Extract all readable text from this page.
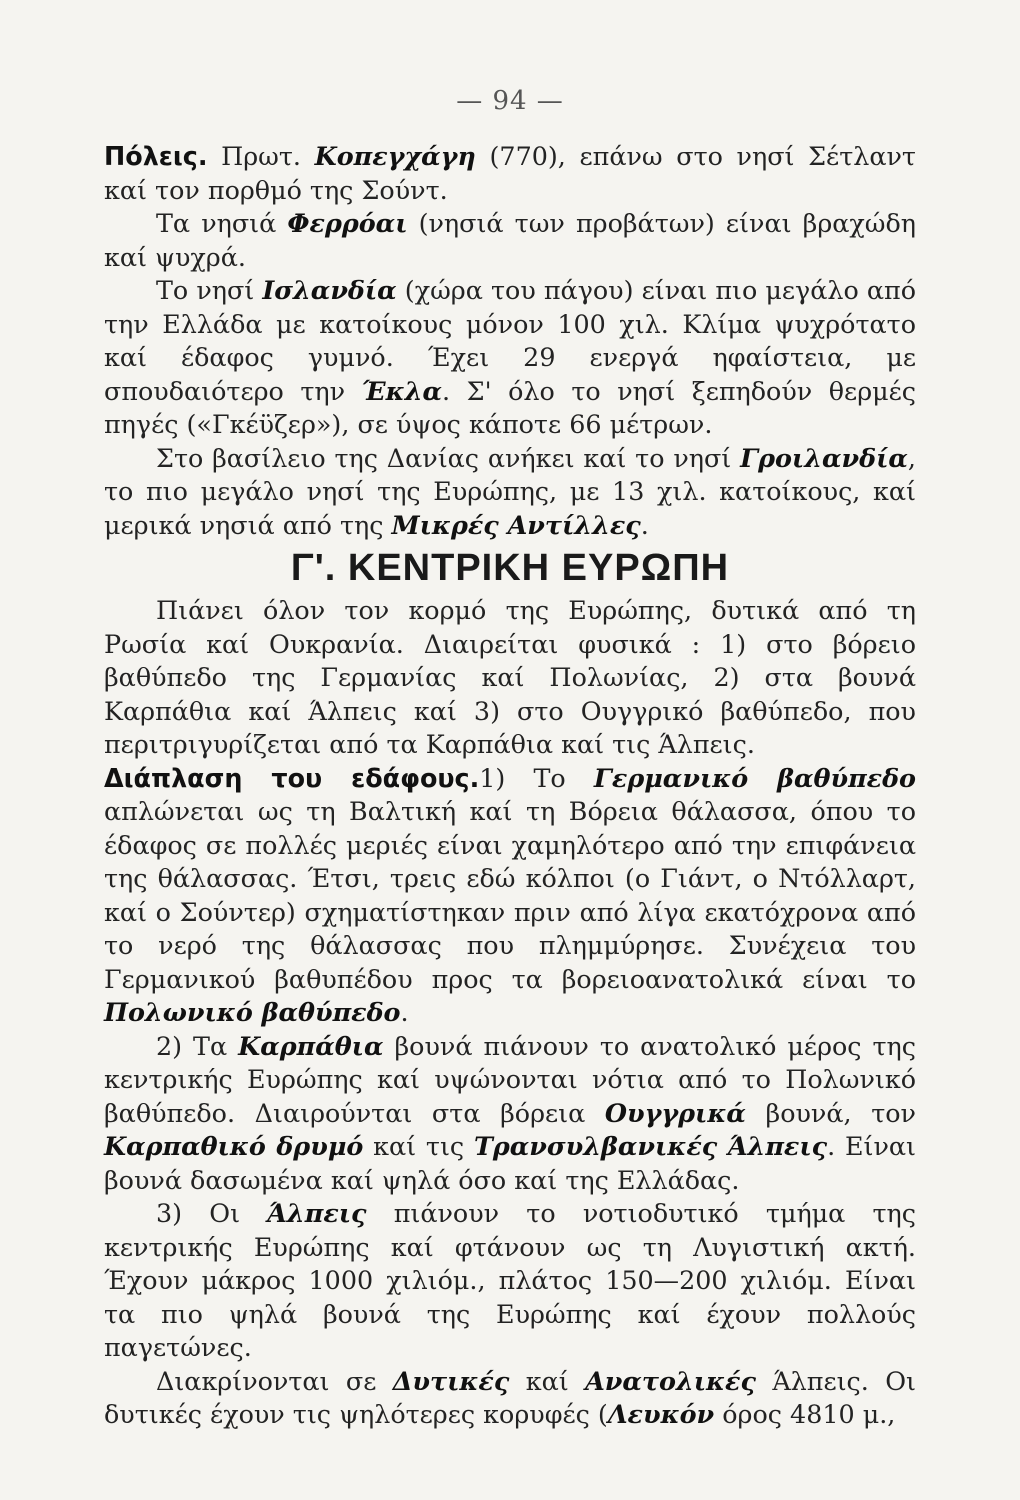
— 94 —

Πόλεις. Πρωτ. Κοπεγχάγη (770), επάνω στο νησί Σέτλαντ καί τον πορθμό της Σούντ.

Τα νησιά Φερρόαι (νησιά των προβάτων) είναι βραχώδη καί ψυχρά.

Το νησί Ισλανδία (χώρα του πάγου) είναι πιο μεγάλο από την Ελλάδα με κατοίκους μόνον 100 χιλ. Κλίμα ψυχρότατο καί έδαφος γυμνό. Έχει 29 ενεργά ηφαίστεια, με σπουδαιότερο την Έκλα. Σ' όλο το νησί ξεπηδούν θερμές πηγές («Γκέϋζερ»), σε ύψος κάποτε 66 μέτρων.

Στο βασίλειο της Δανίας ανήκει καί το νησί Γροιλανδία, το πιο μεγάλο νησί της Ευρώπης, με 13 χιλ. κατοίκους, καί μερικά νησιά από της Μικρές Αντίλλες.

Γ'. ΚΕΝΤΡΙΚΗ ΕΥΡΩΠΗ

Πιάνει όλον τον κορμό της Ευρώπης, δυτικά από τη Ρωσία καί Ουκρανία. Διαιρείται φυσικά : 1) στο βόρειο βαθύπεδο της Γερμανίας καί Πολωνίας, 2) στα βουνά Καρπάθια καί Άλπεις καί 3) στο Ουγγρικό βαθύπεδο, που περιτριγυρίζεται από τα Καρπάθια καί τις Άλπεις.

Διάπλαση του εδάφους.1) Το Γερμανικό βαθύπεδο απλώνεται ως τη Βαλτική καί τη Βόρεια θάλασσα, όπου το έδαφος σε πολλές μεριές είναι χαμηλότερο από την επιφάνεια της θάλασσας. Έτσι, τρεις εδώ κόλποι (ο Γιάντ, ο Ντόλλαρτ, καί ο Σούντερ) σχηματίστηκαν πριν από λίγα εκατόχρονα από το νερό της θάλασσας που πλημμύρησε. Συνέχεια του Γερμανικού βαθυπέδου προς τα βορειοανατολικά είναι το Πολωνικό βαθύπεδο.

2) Τα Καρπάθια βουνά πιάνουν το ανατολικό μέρος της κεντρικής Ευρώπης καί υψώνονται νότια από το Πολωνικό βαθύπεδο. Διαιρούνται στα βόρεια Ουγγρικά βουνά, τον Καρπαθικό δρυμό καί τις Τρανσυλβανικές Άλπεις. Είναι βουνά δασωμένα καί ψηλά όσο καί της Ελλάδας.

3) Οι Άλπεις πιάνουν το νοτιοδυτικό τμήμα της κεντρικής Ευρώπης καί φτάνουν ως τη Λυγιστική ακτή. Έχουν μάκρος 1000 χιλιόμ., πλάτος 150—200 χιλιόμ. Είναι τα πιο ψηλά βουνά της Ευρώπης καί έχουν πολλούς παγετώνες.

Διακρίνονται σε Δυτικές καί Ανατολικές Άλπεις. Οι δυτικές έχουν τις ψηλότερες κορυφές (Λευκόν όρος 4810 μ.,
